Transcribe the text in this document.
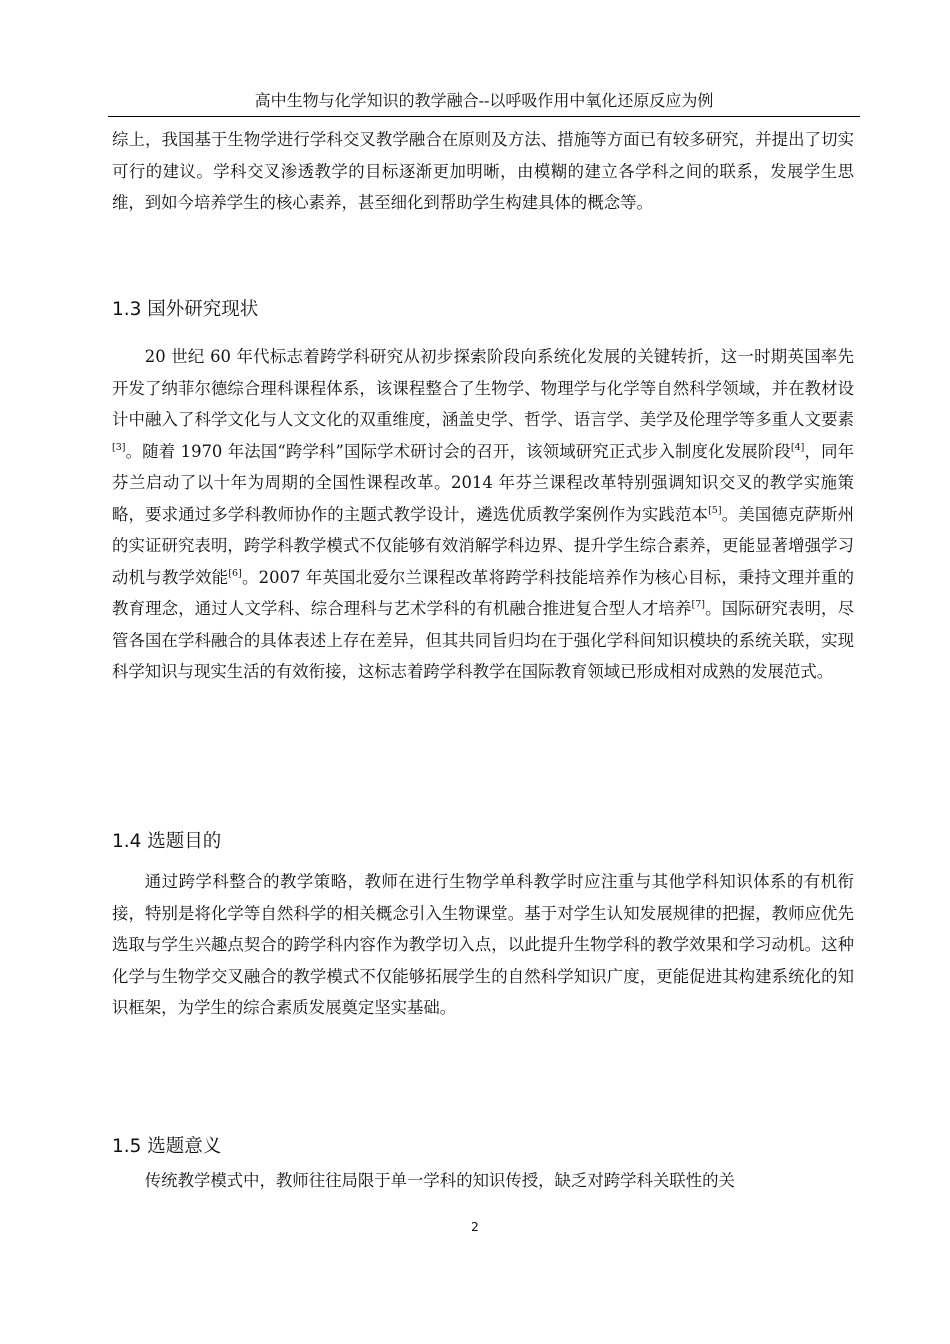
高中生物与化学知识的教学融合--以呼吸作用中氧化还原反应为例

综上，我国基于生物学进行学科交叉教学融合在原则及方法、措施等方面已有较多研究，并提出了切实可行的建议。学科交叉渗透教学的目标逐渐更加明晰，由模糊的建立各学科之间的联系，发展学生思维，到如今培养学生的核心素养，甚至细化到帮助学生构建具体的概念等。

1.3 国外研究现状

20 世纪 60 年代标志着跨学科研究从初步探索阶段向系统化发展的关键转折，这一时期英国率先开发了纳菲尔德综合理科课程体系，该课程整合了生物学、物理学与化学等自然科学领域，并在教材设计中融入了科学文化与人文文化的双重维度，涵盖史学、哲学、语言学、美学及伦理学等多重人文要素[3]。随着 1970 年法国“跨学科”国际学术研讨会的召开，该领域研究正式步入制度化发展阶段[4]，同年芬兰启动了以十年为周期的全国性课程改革。2014 年芬兰课程改革特别强调知识交叉的教学实施策略，要求通过多学科教师协作的主题式教学设计，遴选优质教学案例作为实践范本[5]。美国德克萨斯州的实证研究表明，跨学科教学模式不仅能够有效消解学科边界、提升学生综合素养，更能显著增强学习动机与教学效能[6]。2007 年英国北爱尔兰课程改革将跨学科技能培养作为核心目标，秉持文理并重的教育理念，通过人文学科、综合理科与艺术学科的有机融合推进复合型人才培养[7]。国际研究表明，尽管各国在学科融合的具体表述上存在差异，但其共同旨归均在于强化学科间知识模块的系统关联，实现科学知识与现实生活的有效衔接，这标志着跨学科教学在国际教育领域已形成相对成熟的发展范式。

1.4 选题目的

通过跨学科整合的教学策略，教师在进行生物学单科教学时应注重与其他学科知识体系的有机衔接，特别是将化学等自然科学的相关概念引入生物课堂。基于对学生认知发展规律的把握，教师应优先选取与学生兴趣点契合的跨学科内容作为教学切入点，以此提升生物学科的教学效果和学习动机。这种化学与生物学交叉融合的教学模式不仅能够拓展学生的自然科学知识广度，更能促进其构建系统化的知识框架，为学生的综合素质发展奠定坚实基础。

1.5 选题意义

传统教学模式中，教师往往局限于单一学科的知识传授，缺乏对跨学科关联性的关

2
